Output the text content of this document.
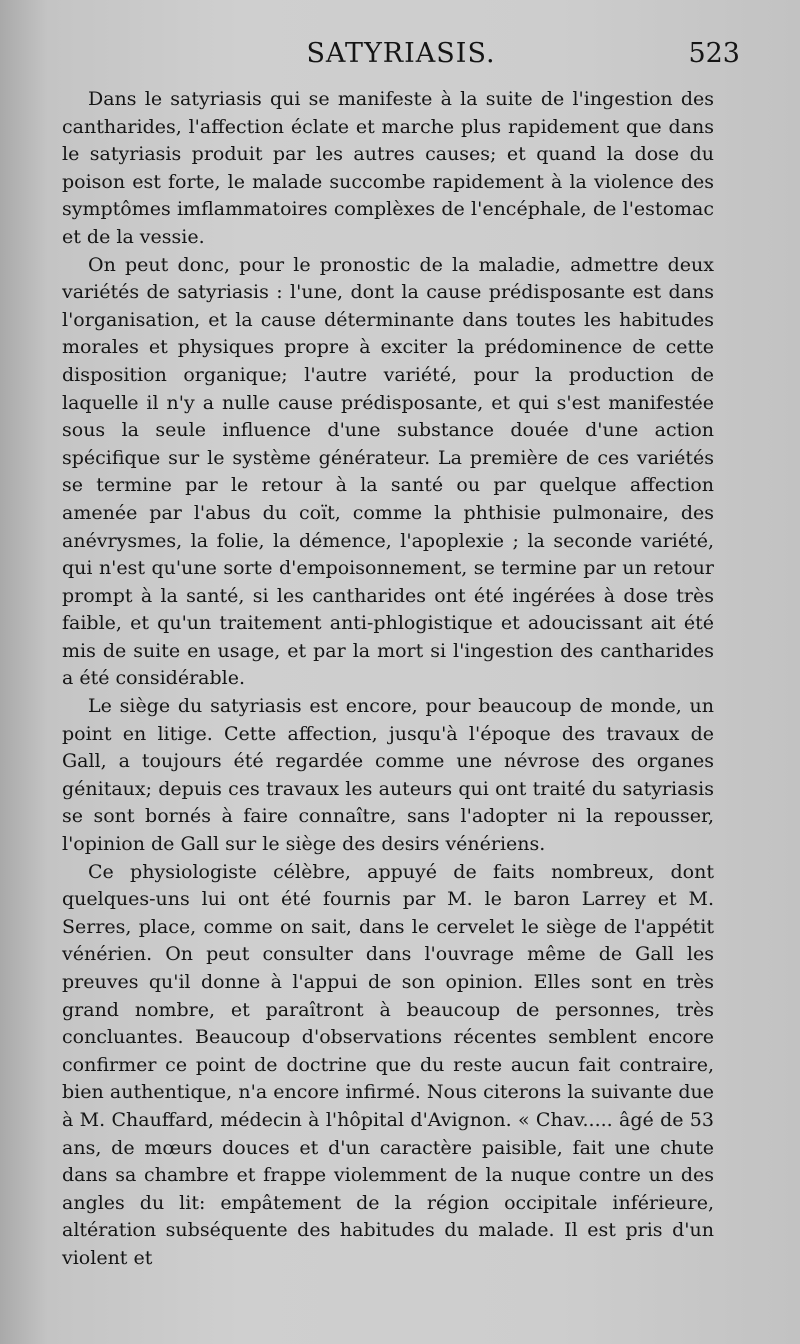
SATYRIASIS.	523

Dans le satyriasis qui se manifeste à la suite de l'ingestion des cantharides, l'affection éclate et marche plus rapidement que dans le satyriasis produit par les autres causes; et quand la dose du poison est forte, le malade succombe rapidement à la violence des symptômes imflammatoires complèxes de l'encéphale, de l'estomac et de la vessie.

On peut donc, pour le pronostic de la maladie, admettre deux variétés de satyriasis : l'une, dont la cause prédisposante est dans l'organisation, et la cause déterminante dans toutes les habitudes morales et physiques propre à exciter la prédominence de cette disposition organique; l'autre variété, pour la production de laquelle il n'y a nulle cause prédisposante, et qui s'est manifestée sous la seule influence d'une substance douée d'une action spécifique sur le système générateur. La première de ces variétés se termine par le retour à la santé ou par quelque affection amenée par l'abus du coït, comme la phthisie pulmonaire, des anévrysmes, la folie, la démence, l'apoplexie ; la seconde variété, qui n'est qu'une sorte d'empoisonnement, se termine par un retour prompt à la santé, si les cantharides ont été ingérées à dose très faible, et qu'un traitement anti-phlogistique et adoucissant ait été mis de suite en usage, et par la mort si l'ingestion des cantharides a été considérable.

Le siège du satyriasis est encore, pour beaucoup de monde, un point en litige. Cette affection, jusqu'à l'époque des travaux de Gall, a toujours été regardée comme une névrose des organes génitaux; depuis ces travaux les auteurs qui ont traité du satyriasis se sont bornés à faire connaître, sans l'adopter ni la repousser, l'opinion de Gall sur le siège des desirs vénériens.

Ce physiologiste célèbre, appuyé de faits nombreux, dont quelques-uns lui ont été fournis par M. le baron Larrey et M. Serres, place, comme on sait, dans le cervelet le siège de l'appétit vénérien. On peut consulter dans l'ouvrage même de Gall les preuves qu'il donne à l'appui de son opinion. Elles sont en très grand nombre, et paraîtront à beaucoup de personnes, très concluantes. Beaucoup d'observations récentes semblent encore confirmer ce point de doctrine que du reste aucun fait contraire, bien authentique, n'a encore infirmé. Nous citerons la suivante due à M. Chauffard, médecin à l'hôpital d'Avignon. « Chav..... âgé de 53 ans, de mœurs douces et d'un caractère paisible, fait une chute dans sa chambre et frappe violemment de la nuque contre un des angles du lit: empâtement de la région occipitale inférieure, altération subséquente des habitudes du malade. Il est pris d'un violent et
